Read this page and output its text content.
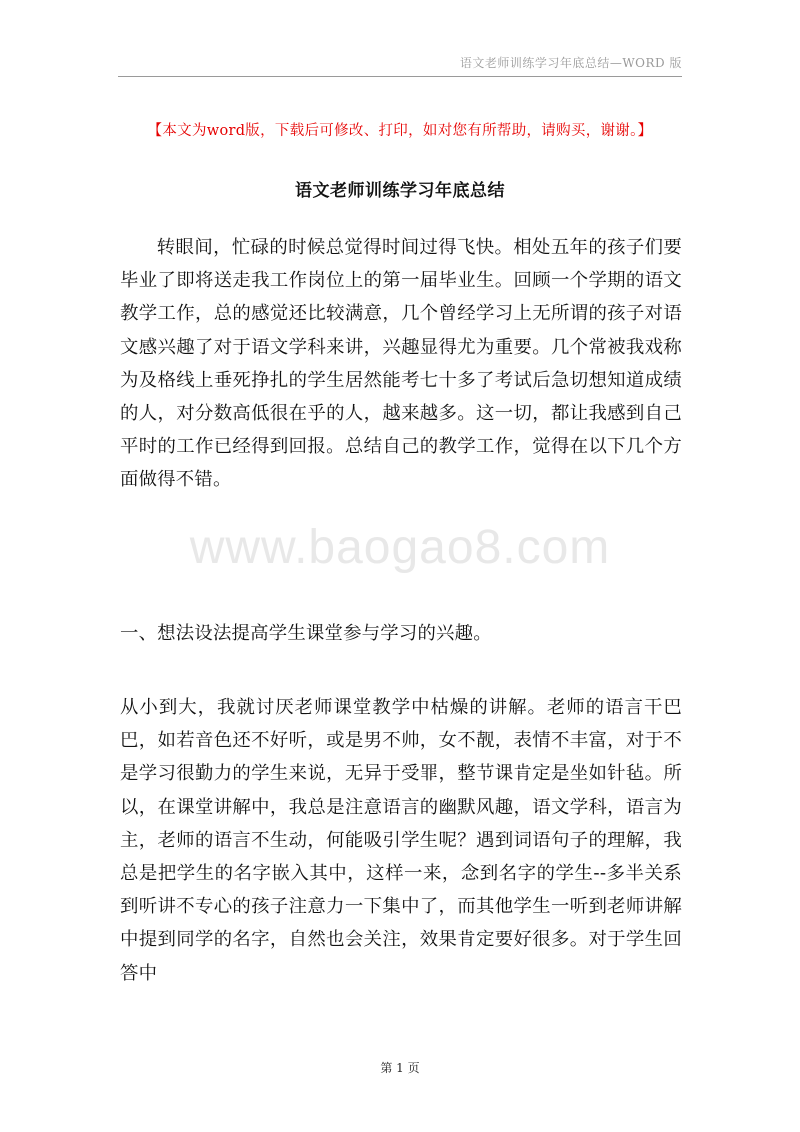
语文老师训练学习年底总结—WORD 版
【本文为word版，下载后可修改、打印，如对您有所帮助，请购买，谢谢。】
语文老师训练学习年底总结

转眼间，忙碌的时候总觉得时间过得飞快。相处五年的孩子们要毕业了即将送走我工作岗位上的第一届毕业生。回顾一个学期的语文教学工作，总的感觉还比较满意，几个曾经学习上无所谓的孩子对语文感兴趣了对于语文学科来讲，兴趣显得尤为重要。几个常被我戏称为及格线上垂死挣扎的学生居然能考七十多了考试后急切想知道成绩的人，对分数高低很在乎的人，越来越多。这一切，都让我感到自己平时的工作已经得到回报。总结自己的教学工作，觉得在以下几个方面做得不错。

www.baogao8.com

一、想法设法提高学生课堂参与学习的兴趣。

从小到大，我就讨厌老师课堂教学中枯燥的讲解。老师的语言干巴巴，如若音色还不好听，或是男不帅，女不靓，表情不丰富，对于不是学习很勤力的学生来说，无异于受罪，整节课肯定是坐如针毡。所以，在课堂讲解中，我总是注意语言的幽默风趣，语文学科，语言为主，老师的语言不生动，何能吸引学生呢？遇到词语句子的理解，我总是把学生的名字嵌入其中，这样一来，念到名字的学生--多半关系到听讲不专心的孩子注意力一下集中了，而其他学生一听到老师讲解中提到同学的名字，自然也会关注，效果肯定要好很多。对于学生回答中

第 1 页
